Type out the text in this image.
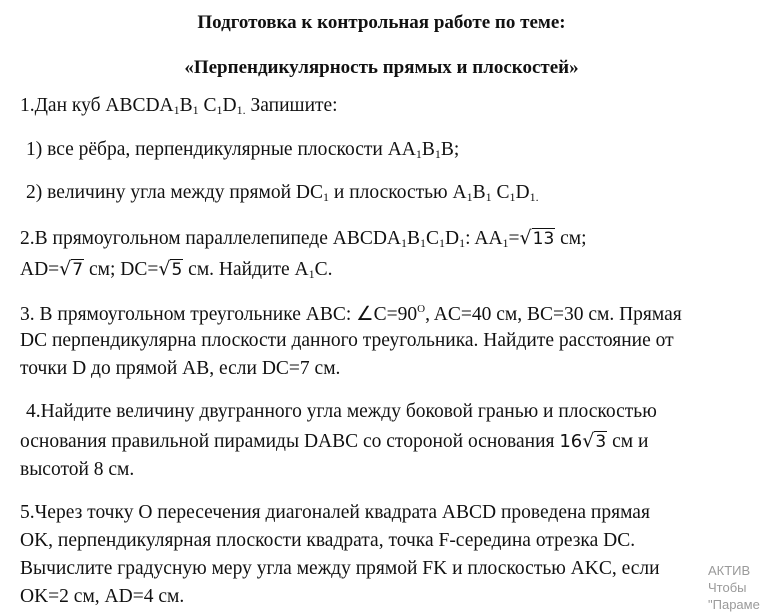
Подготовка к контрольная работе по теме:
«Перпендикулярность прямых и плоскостей»
1.Дан куб $ABCDA_1B_1$ $C_1D_{1.}$ Запишите:
1) все рёбра, перпендикулярные плоскости $AA_1B_1B$;
2) величину угла между прямой $DC_1$ и плоскостью $A_1B_1$ $C_1D_{1.}$
2.В прямоугольном параллелепипеде $ABCDA_1B_1C_1D_1$: $AA_1=√13$ см;
AD=√7 см; DC=√5 см. Найдите $A_1C$.
3. В прямоугольном треугольнике ABC: $\angle C=90^O$, AC=40 см, BC=30 см. Прямая
DC перпендикулярна плоскости данного треугольника. Найдите расстояние от
точки D до прямой AB, если DC=7 см.
4.Найдите величину двугранного угла между боковой гранью и плоскостью
основания правильной пирамиды DABC со стороной основания 16√3 см и
высотой 8 см.
5.Через точку O пересечения диагоналей квадрата ABCD проведена прямая
OK, перпендикулярная плоскости квадрата, точка F-середина отрезка DC.
Вычислите градусную меру угла между прямой FK и плоскостью AKC, если
OK=2 см, AD=4 см.
АКТИВ
Чтобы
"Параме
